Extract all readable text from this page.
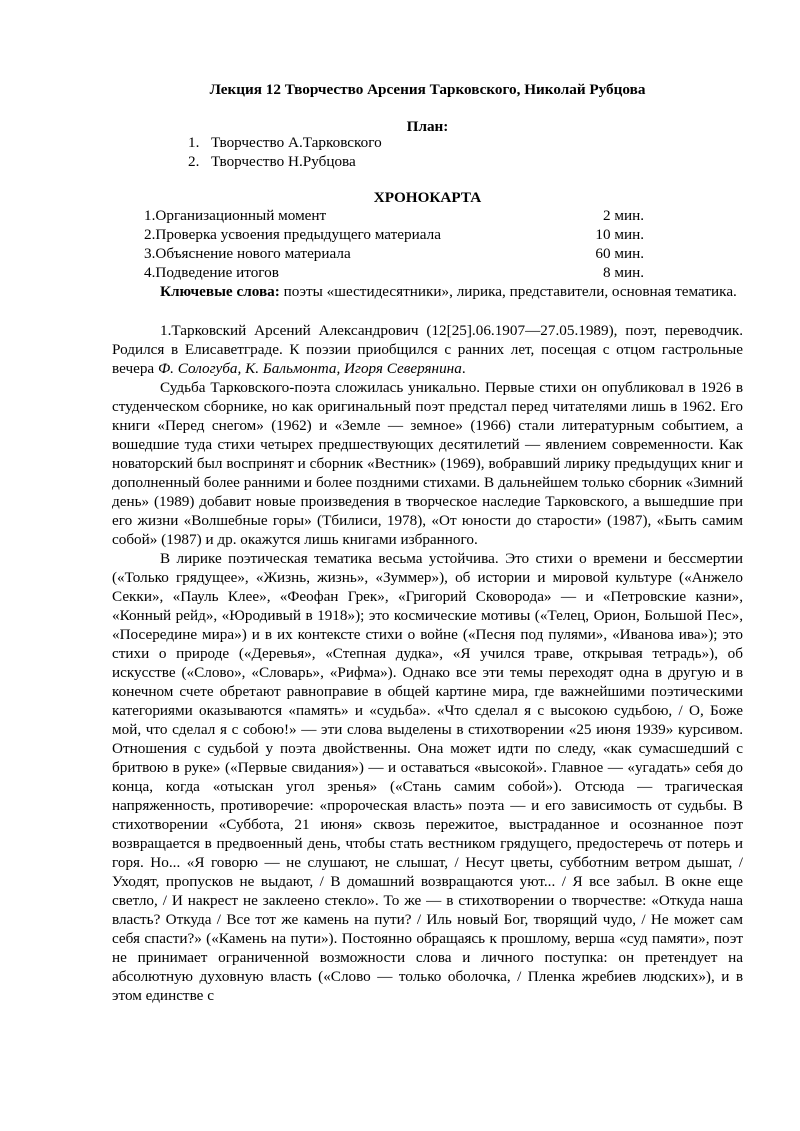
Лекция 12 Творчество Арсения Тарковского, Николай Рубцова
План:
1. Творчество А.Тарковского
2. Творчество Н.Рубцова
ХРОНОКАРТА
1.Организационный момент	2 мин.
2.Проверка усвоения предыдущего материала	10 мин.
3.Объяснение нового материала	60 мин.
4.Подведение итогов	8 мин.

Ключевые слова: поэты «шестидесятники», лирика, представители, основная тематика.

1.Тарковский Арсений Александрович (12[25].06.1907—27.05.1989), поэт, переводчик. Родился в Елисаветграде. К поэзии приобщился с ранних лет, посещая с отцом гастрольные вечера Ф. Сологуба, К. Бальмонта, Игоря Северянина.

Судьба Тарковского-поэта сложилась уникально. Первые стихи он опубликовал в 1926 в студенческом сборнике, но как оригинальный поэт предстал перед читателями лишь в 1962. Его книги «Перед снегом» (1962) и «Земле — земное» (1966) стали литературным событием, а вошедшие туда стихи четырех предшествующих десятилетий — явлением современности. Как новаторский был воспринят и сборник «Вестник» (1969), вобравший лирику предыдущих книг и дополненный более ранними и более поздними стихами. В дальнейшем только сборник «Зимний день» (1989) добавит новые произведения в творческое наследие Тарковского, а вышедшие при его жизни «Волшебные горы» (Тбилиси, 1978), «От юности до старости» (1987), «Быть самим собой» (1987) и др. окажутся лишь книгами избранного.

В лирике поэтическая тематика весьма устойчива. Это стихи о времени и бессмертии («Только грядущее», «Жизнь, жизнь», «Зуммер»), об истории и мировой культуре («Анжело Секки», «Пауль Клее», «Феофан Грек», «Григорий Сковорода» — и «Петровские казни», «Конный рейд», «Юродивый в 1918»); это космические мотивы («Телец, Орион, Большой Пес», «Посередине мира») и в их контексте стихи о войне («Песня под пулями», «Иванова ива»); это стихи о природе («Деревья», «Степная дудка», «Я учился траве, открывая тетрадь»), об искусстве («Слово», «Словарь», «Рифма»). Однако все эти темы переходят одна в другую и в конечном счете обретают равноправие в общей картине мира, где важнейшими поэтическими категориями оказываются «память» и «судьба». «Что сделал я с высокою судьбою, / О, Боже мой, что сделал я с собою!» — эти слова выделены в стихотворении «25 июня 1939» курсивом. Отношения с судьбой у поэта двойственны. Она может идти по следу, «как сумасшедший с бритвою в руке» («Первые свидания») — и оставаться «высокой». Главное — «угадать» себя до конца, когда «отыскан угол зренья» («Стань самим собой»). Отсюда — трагическая напряженность, противоречие: «пророческая власть» поэта — и его зависимость от судьбы. В стихотворении «Суббота, 21 июня» сквозь пережитое, выстраданное и осознанное поэт возвращается в предвоенный день, чтобы стать вестником грядущего, предостеречь от потерь и горя. Но... «Я говорю — не слушают, не слышат, / Несут цветы, субботним ветром дышат, / Уходят, пропусков не выдают, / В домашний возвращаются уют... / Я все забыл. В окне еще светло, / И накрест не заклеено стекло». То же — в стихотворении о творчестве: «Откуда наша власть? Откуда / Все тот же камень на пути? / Иль новый Бог, творящий чудо, / Не может сам себя спасти?» («Камень на пути»). Постоянно обращаясь к прошлому, верша «суд памяти», поэт не принимает ограниченной возможности слова и личного поступка: он претендует на абсолютную духовную власть («Слово — только оболочка, / Пленка жребиев людских»), и в этом единстве с
